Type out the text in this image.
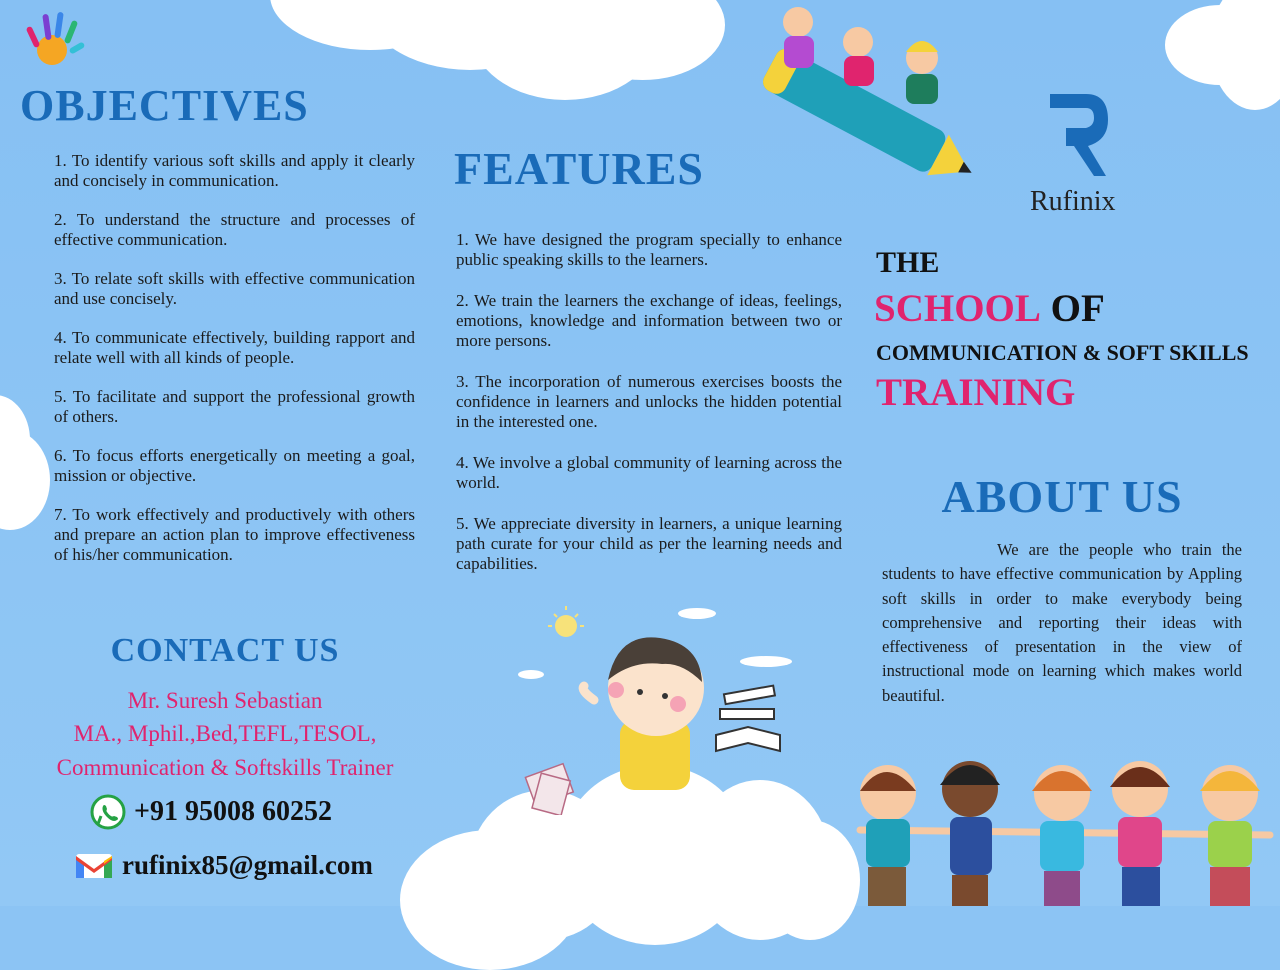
OBJECTIVES
1. To identify various soft skills and apply it clearly and concisely in communication.
2. To understand the structure and processes of effective communication.
3. To relate soft skills with effective communication and use concisely.
4. To communicate effectively, building rapport and relate well with all kinds of people.
5. To facilitate and support the professional growth of others.
6. To focus efforts energetically on meeting a goal, mission or objective.
7. To work effectively and productively with others and prepare an action plan to improve effectiveness of his/her communication.
CONTACT US
Mr. Suresh Sebastian
MA., Mphil.,Bed,TEFL,TESOL,
Communication & Softskills Trainer
+91 95008 60252
rufinix85@gmail.com
FEATURES
1. We have designed the program specially to enhance public speaking skills to the learners.
2. We train the learners the exchange of ideas, feelings, emotions, knowledge and information between two or more persons.
3. The incorporation of numerous exercises boosts the confidence in learners and unlocks the hidden potential in the interested one.
4. We involve a global community of learning across the world.
5. We appreciate diversity in learners, a unique learning path curate for your child as per the learning needs and capabilities.
Rufinix
THE
SCHOOL OF
COMMUNICATION & SOFT SKILLS
TRAINING
ABOUT US

We are the people who train the students to have effective communication by Appling soft skills in order to make everybody being comprehensive and reporting their ideas with effectiveness of presentation in the view of instructional mode on learning which makes world beautiful.
